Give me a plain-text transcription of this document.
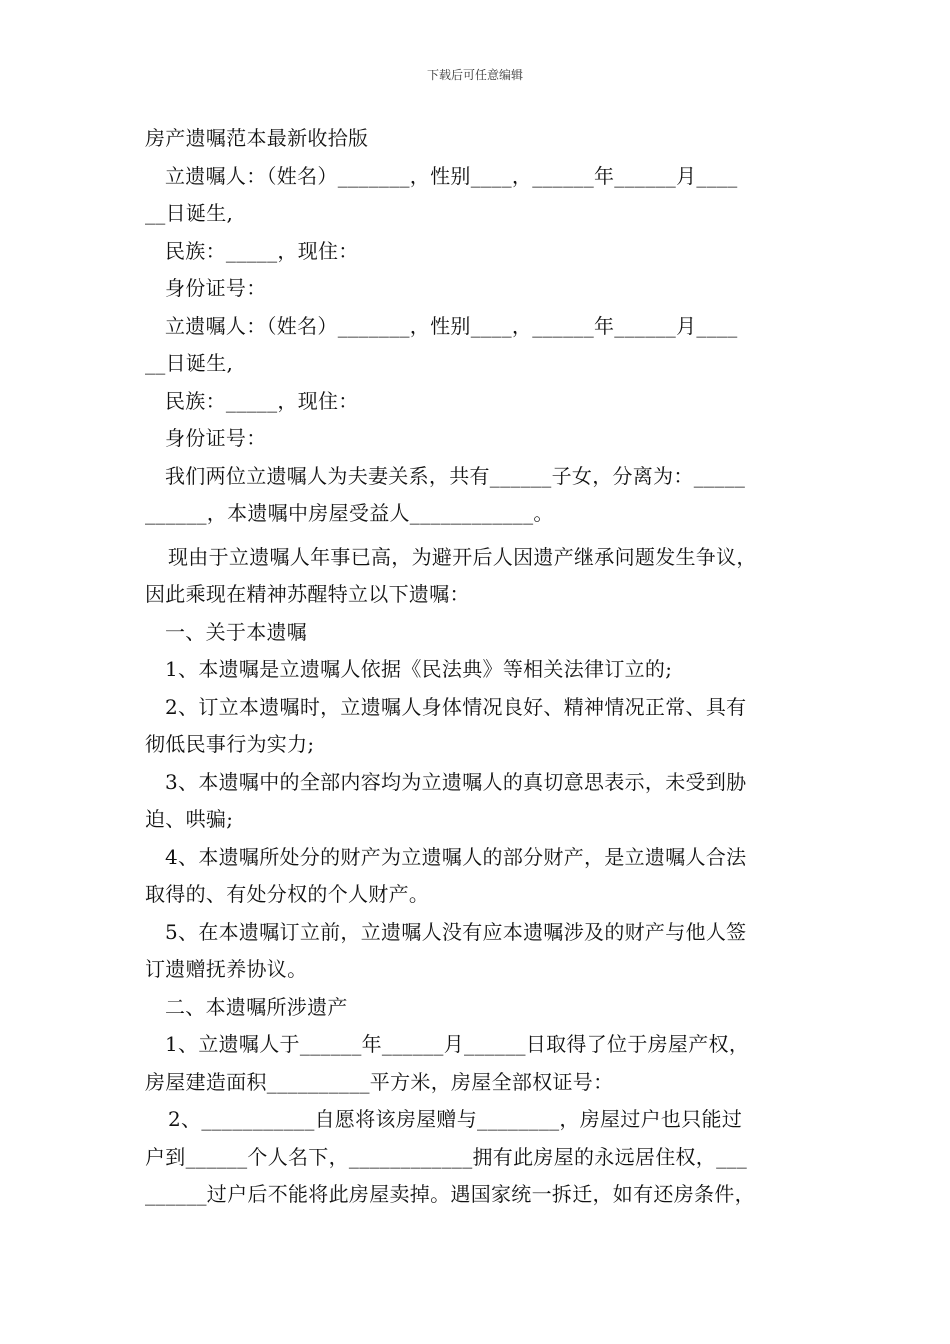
下载后可任意编辑
房产遗嘱范本最新收拾版
立遗嘱人：（姓名）_______，性别____，______年______月____
__日诞生,
民族：_____，现住：
身份证号：
立遗嘱人：（姓名）_______，性别____，______年______月____
__日诞生,
民族：_____，现住：
身份证号：
我们两位立遗嘱人为夫妻关系，共有______子女，分离为：_____
______，本遗嘱中房屋受益人____________。
现由于立遗嘱人年事已高，为避开后人因遗产继承问题发生争议，
因此乘现在精神苏醒特立以下遗嘱：
一、关于本遗嘱
1、本遗嘱是立遗嘱人依据《民法典》等相关法律订立的;
2、订立本遗嘱时，立遗嘱人身体情况良好、精神情况正常、具有
彻低民事行为实力;
3、本遗嘱中的全部内容均为立遗嘱人的真切意思表示，未受到胁
迫、哄骗;
4、本遗嘱所处分的财产为立遗嘱人的部分财产，是立遗嘱人合法
取得的、有处分权的个人财产。
5、在本遗嘱订立前，立遗嘱人没有应本遗嘱涉及的财产与他人签
订遗赠抚养协议。
二、本遗嘱所涉遗产
1、立遗嘱人于______年______月______日取得了位于房屋产权，
房屋建造面积__________平方米，房屋全部权证号：
2、___________自愿将该房屋赠与________，房屋过户也只能过
户到______个人名下，____________拥有此房屋的永远居住权，___
______过户后不能将此房屋卖掉。遇国家统一拆迁，如有还房条件，
